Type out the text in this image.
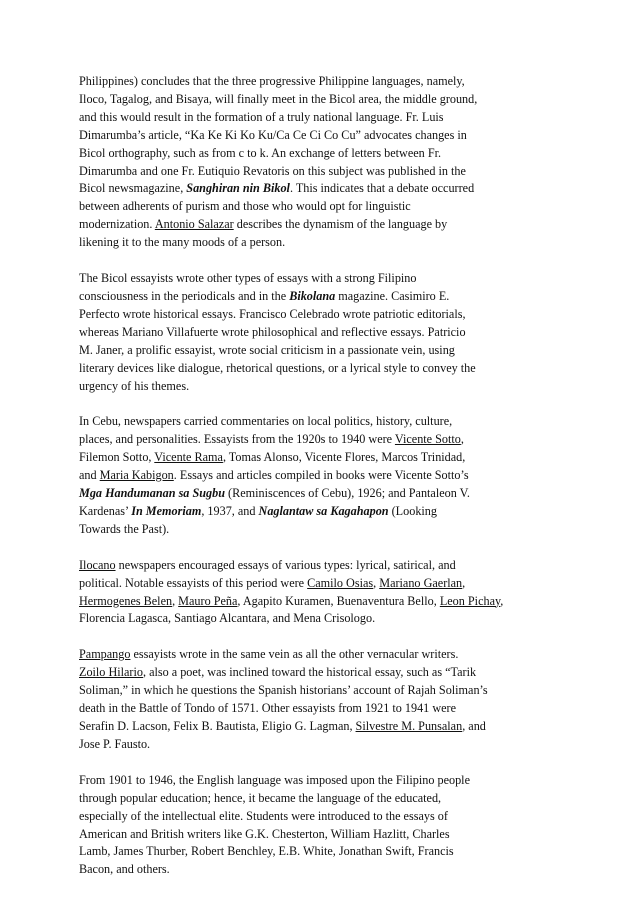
Philippines) concludes that the three progressive Philippine languages, namely,
Iloco, Tagalog, and Bisaya, will finally meet in the Bicol area, the middle ground,
and this would result in the formation of a truly national language. Fr. Luis
Dimarumba’s article, “Ka Ke Ki Ko Ku/Ca Ce Ci Co Cu” advocates changes in
Bicol orthography, such as from c to k. An exchange of letters between Fr.
Dimarumba and one Fr. Eutiquio Revatoris on this subject was published in the
Bicol newsmagazine, Sanghiran nin Bikol. This indicates that a debate occurred
between adherents of purism and those who would opt for linguistic
modernization. Antonio Salazar describes the dynamism of the language by
likening it to the many moods of a person.

The Bicol essayists wrote other types of essays with a strong Filipino
consciousness in the periodicals and in the Bikolana magazine. Casimiro E.
Perfecto wrote historical essays. Francisco Celebrado wrote patriotic editorials,
whereas Mariano Villafuerte wrote philosophical and reflective essays. Patricio
M. Janer, a prolific essayist, wrote social criticism in a passionate vein, using
literary devices like dialogue, rhetorical questions, or a lyrical style to convey the
urgency of his themes.

In Cebu, newspapers carried commentaries on local politics, history, culture,
places, and personalities. Essayists from the 1920s to 1940 were Vicente Sotto,
Filemon Sotto, Vicente Rama, Tomas Alonso, Vicente Flores, Marcos Trinidad,
and Maria Kabigon. Essays and articles compiled in books were Vicente Sotto’s
Mga Handumanan sa Sugbu (Reminiscences of Cebu), 1926; and Pantaleon V.
Kardenas’ In Memoriam, 1937, and Naglantaw sa Kagahapon (Looking
Towards the Past).

Ilocano newspapers encouraged essays of various types: lyrical, satirical, and
political. Notable essayists of this period were Camilo Osias, Mariano Gaerlan,
Hermogenes Belen, Mauro Peña, Agapito Kuramen, Buenaventura Bello, Leon Pichay,
Florencia Lagasca, Santiago Alcantara, and Mena Crisologo.

Pampango essayists wrote in the same vein as all the other vernacular writers.
Zoilo Hilario, also a poet, was inclined toward the historical essay, such as “Tarik
Soliman,” in which he questions the Spanish historians’ account of Rajah Soliman’s
death in the Battle of Tondo of 1571. Other essayists from 1921 to 1941 were
Serafin D. Lacson, Felix B. Bautista, Eligio G. Lagman, Silvestre M. Punsalan, and
Jose P. Fausto.

From 1901 to 1946, the English language was imposed upon the Filipino people
through popular education; hence, it became the language of the educated,
especially of the intellectual elite. Students were introduced to the essays of
American and British writers like G.K. Chesterton, William Hazlitt, Charles
Lamb, James Thurber, Robert Benchley, E.B. White, Jonathan Swift, Francis
Bacon, and others.
